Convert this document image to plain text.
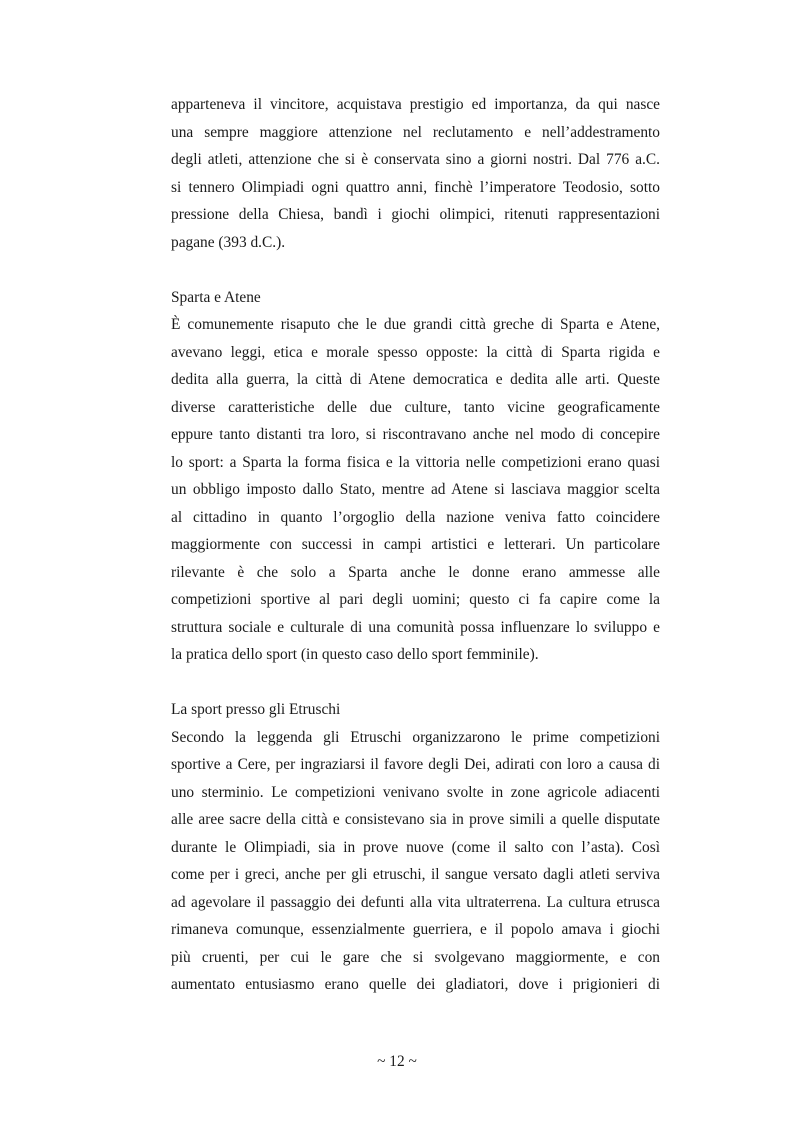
apparteneva il vincitore, acquistava prestigio ed importanza, da qui nasce
una sempre maggiore attenzione nel reclutamento e nell’addestramento
degli atleti, attenzione che si è conservata sino a giorni nostri. Dal 776 a.C.
si tennero Olimpiadi ogni quattro anni, finchè l’imperatore Teodosio, sotto
pressione della Chiesa, bandì i giochi olimpici, ritenuti rappresentazioni
pagane (393 d.C.).

Sparta e Atene

È comunemente risaputo che le due grandi città greche di Sparta e Atene,
avevano leggi, etica e morale spesso opposte: la città di Sparta rigida e
dedita alla guerra, la città di Atene democratica e dedita alle arti. Queste
diverse caratteristiche delle due culture, tanto vicine geograficamente
eppure tanto distanti tra loro, si riscontravano anche nel modo di concepire
lo sport: a Sparta la forma fisica e la vittoria nelle competizioni erano quasi
un obbligo imposto dallo Stato, mentre ad Atene si lasciava maggior scelta
al cittadino in quanto l’orgoglio della nazione veniva fatto coincidere
maggiormente con successi in campi artistici e letterari. Un particolare
rilevante è che solo a Sparta anche le donne erano ammesse alle
competizioni sportive al pari degli uomini; questo ci fa capire come la
struttura sociale e culturale di una comunità possa influenzare lo sviluppo e
la pratica dello sport (in questo caso dello sport femminile).

La sport presso gli Etruschi

Secondo la leggenda gli Etruschi organizzarono le prime competizioni
sportive a Cere, per ingraziarsi il favore degli Dei, adirati con loro a causa di
uno sterminio. Le competizioni venivano svolte in zone agricole adiacenti
alle aree sacre della città e consistevano sia in prove simili a quelle disputate
durante le Olimpiadi, sia in prove nuove (come il salto con l’asta). Così
come per i greci, anche per gli etruschi, il sangue versato dagli atleti serviva
ad agevolare il passaggio dei defunti alla vita ultraterrena. La cultura etrusca
rimaneva comunque, essenzialmente guerriera, e il popolo amava i giochi
più cruenti, per cui le gare che si svolgevano maggiormente, e con
aumentato entusiasmo erano quelle dei gladiatori, dove i prigionieri di

~ 12 ~
